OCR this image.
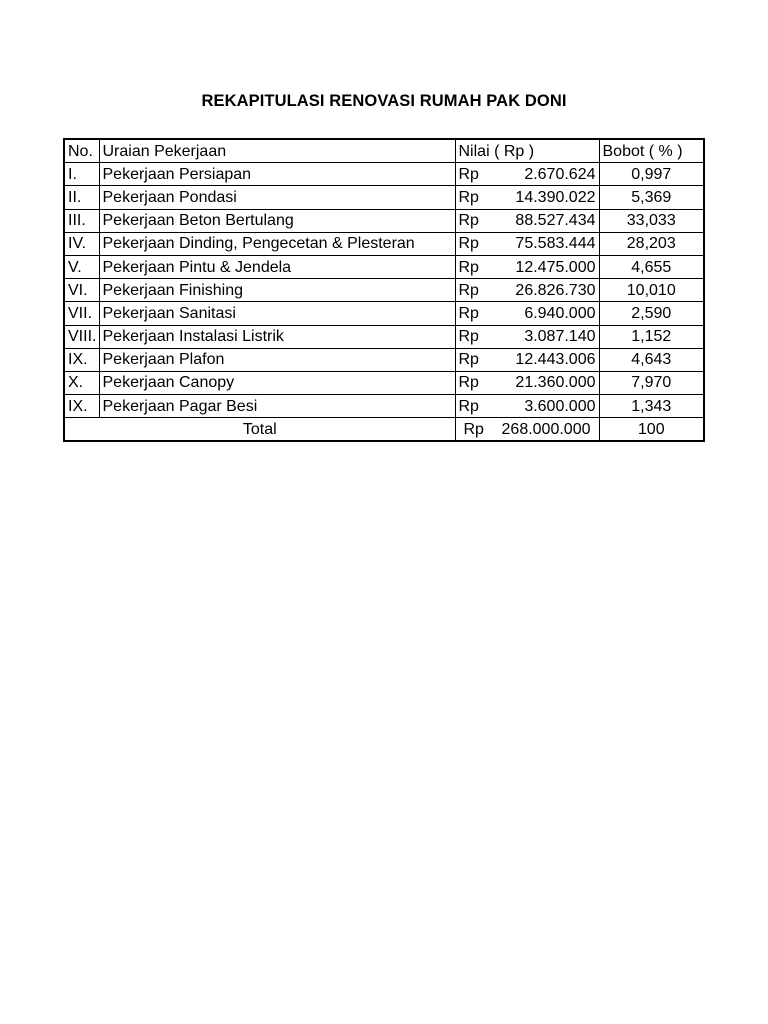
REKAPITULASI RENOVASI RUMAH PAK DONI
No.	Uraian Pekerjaan	Nilai ( Rp )	Bobot ( % )
I.	Pekerjaan Persiapan	Rp 2.670.624	0,997
II.	Pekerjaan Pondasi	Rp 14.390.022	5,369
III.	Pekerjaan Beton Bertulang	Rp 88.527.434	33,033
IV.	Pekerjaan Dinding, Pengecetan & Plesteran	Rp 75.583.444	28,203
V.	Pekerjaan Pintu & Jendela	Rp 12.475.000	4,655
VI.	Pekerjaan Finishing	Rp 26.826.730	10,010
VII.	Pekerjaan Sanitasi	Rp 6.940.000	2,590
VIII.	Pekerjaan Instalasi Listrik	Rp 3.087.140	1,152
IX.	Pekerjaan Plafon	Rp 12.443.006	4,643
X.	Pekerjaan Canopy	Rp 21.360.000	7,970
IX.	Pekerjaan Pagar Besi	Rp 3.600.000	1,343
Total		Rp 268.000.000	100
